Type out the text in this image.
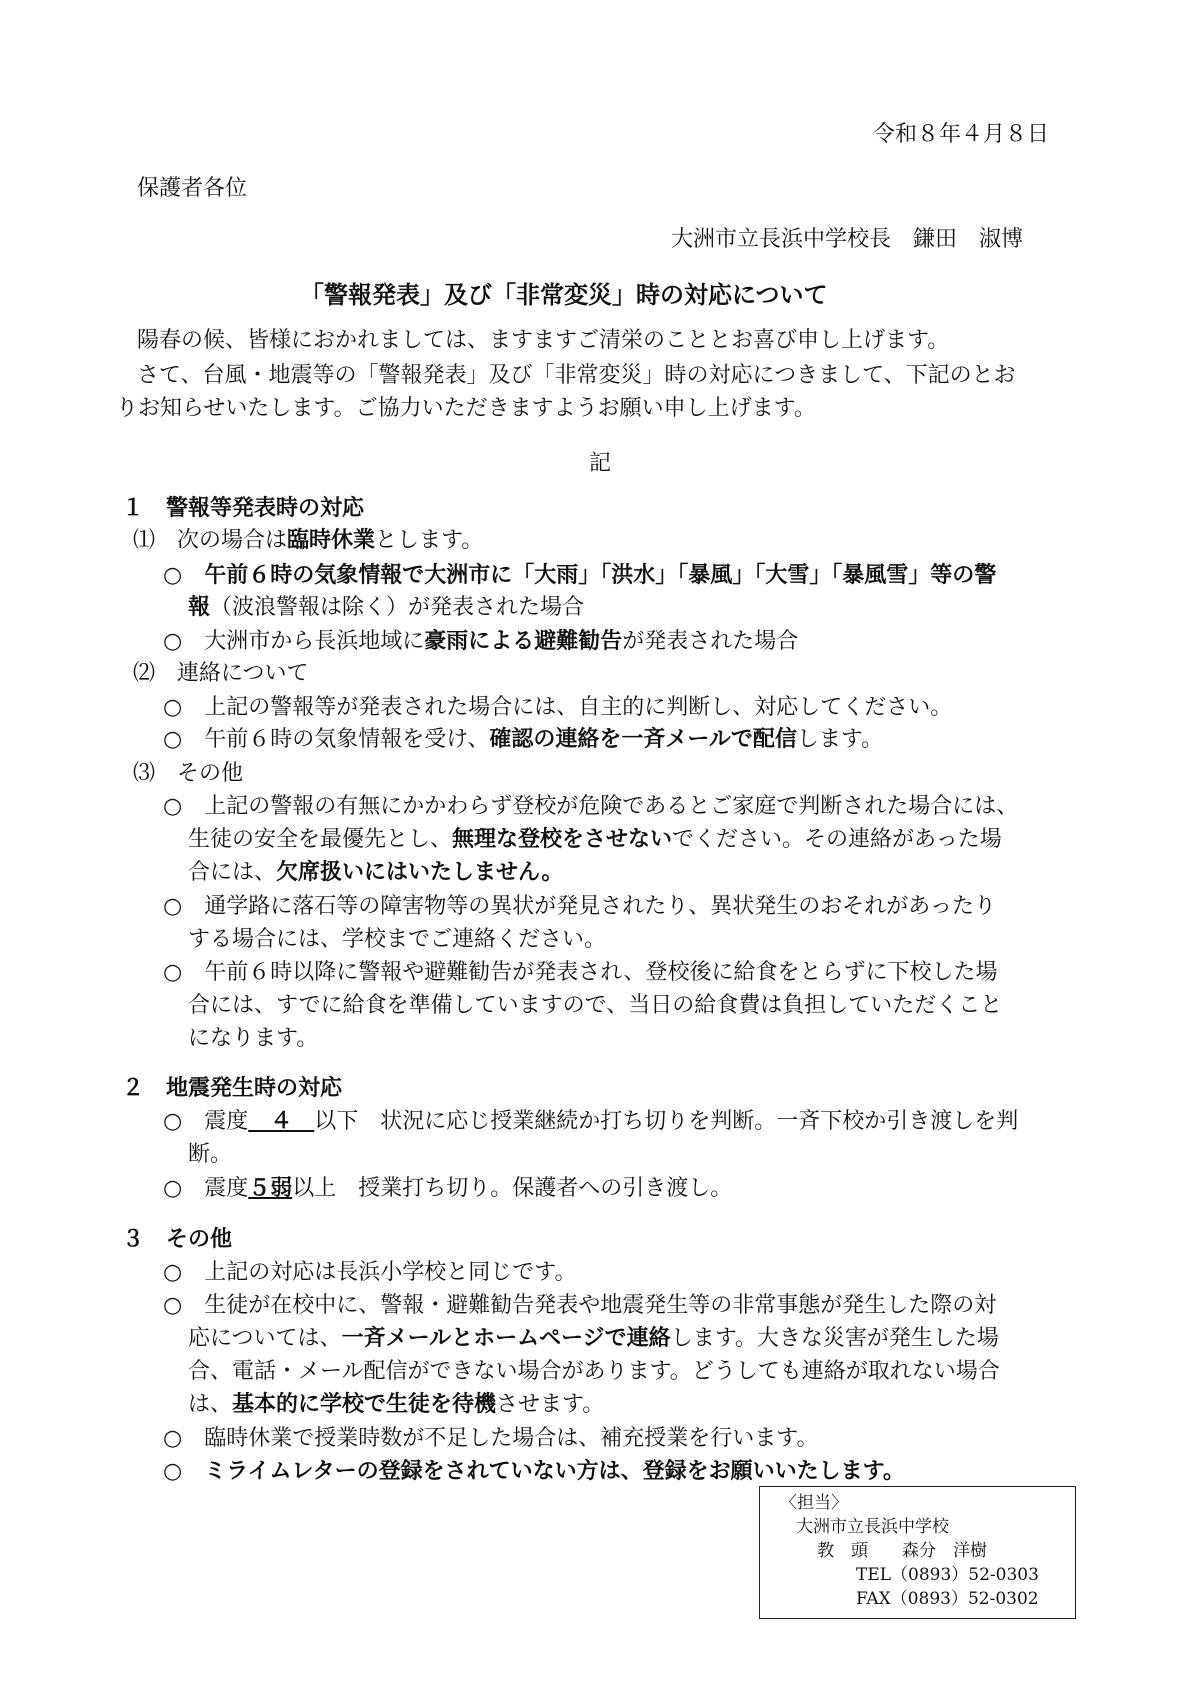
令和８年４月８日
保護者各位
大洲市立長浜中学校長　鎌田　淑博
「警報発表」及び「非常変災」時の対応について
陽春の候、皆様におかれましては、ますますご清栄のこととお喜び申し上げます。
さて、台風・地震等の「警報発表」及び「非常変災」時の対応につきまして、下記のとお
りお知らせいたします。ご協力いただきますようお願い申し上げます。
記
１　警報等発表時の対応
⑴　次の場合は臨時休業とします。
○　午前６時の気象情報で大洲市に「大雨」「洪水」「暴風」「大雪」「暴風雪」等の警
報（波浪警報は除く）が発表された場合
○　大洲市から長浜地域に豪雨による避難勧告が発表された場合
⑵　連絡について
○　上記の警報等が発表された場合には、自主的に判断し、対応してください。
○　午前６時の気象情報を受け、確認の連絡を一斉メールで配信します。
⑶　その他
○　上記の警報の有無にかかわらず登校が危険であるとご家庭で判断された場合には、
生徒の安全を最優先とし、無理な登校をさせないでください。その連絡があった場
合には、欠席扱いにはいたしません。
○　通学路に落石等の障害物等の異状が発見されたり、異状発生のおそれがあったり
する場合には、学校までご連絡ください。
○　午前６時以降に警報や避難勧告が発表され、登校後に給食をとらずに下校した場
合には、すでに給食を準備していますので、当日の給食費は負担していただくこと
になります。
２　地震発生時の対応
○　震度　４　以下　状況に応じ授業継続か打ち切りを判断。一斉下校か引き渡しを判
断。
○　震度５弱以上　授業打ち切り。保護者への引き渡し。
３　その他
○　上記の対応は長浜小学校と同じです。
○　生徒が在校中に、警報・避難勧告発表や地震発生等の非常事態が発生した際の対
応については、一斉メールとホームページで連絡します。大きな災害が発生した場
合、電話・メール配信ができない場合があります。どうしても連絡が取れない場合
は、基本的に学校で生徒を待機させます。
○　臨時休業で授業時数が不足した場合は、補充授業を行います。
○　ミライムレターの登録をされていない方は、登録をお願いいたします。
〈担当〉
大洲市立長浜中学校
教　頭　　森分　洋樹
TEL（0893）52-0303
FAX（0893）52-0302
